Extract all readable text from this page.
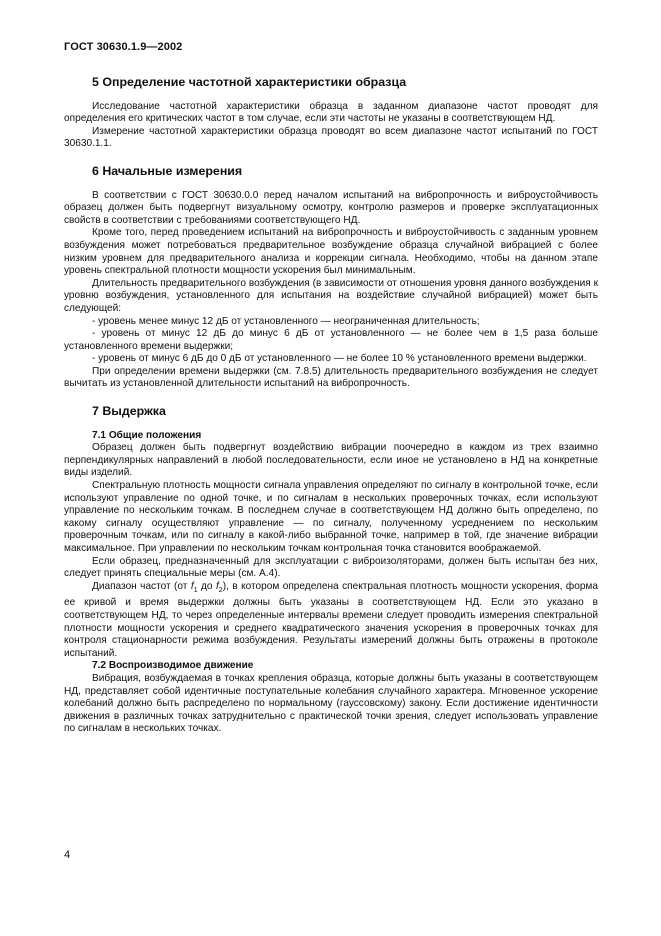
ГОСТ 30630.1.9—2002
5 Определение частотной характеристики образца

Исследование частотной характеристики образца в заданном диапазоне частот проводят для определения его критических частот в том случае, если эти частоты не указаны в соответствующем НД.

Измерение частотной характеристики образца проводят во всем диапазоне частот испытаний по ГОСТ 30630.1.1.

6 Начальные измерения

В соответствии с ГОСТ 30630.0.0 перед началом испытаний на вибропрочность и виброустойчивость образец должен быть подвергнут визуальному осмотру, контролю размеров и проверке эксплуатационных свойств в соответствии с требованиями соответствующего НД.

Кроме того, перед проведением испытаний на вибропрочность и виброустойчивость с заданным уровнем возбуждения может потребоваться предварительное возбуждение образца случайной вибрацией с более низким уровнем для предварительного анализа и коррекции сигнала. Необходимо, чтобы на данном этапе уровень спектральной плотности мощности ускорения был минимальным.

Длительность предварительного возбуждения (в зависимости от отношения уровня данного возбуждения к уровню возбуждения, установленного для испытания на воздействие случайной вибрацией) может быть следующей:

- уровень менее минус 12 дБ от установленного — неограниченная длительность;

- уровень от минус 12 дБ до минус 6 дБ от установленного — не более чем в 1,5 раза больше установленного времени выдержки;

- уровень от минус 6 дБ до 0 дБ от установленного — не более 10 % установленного времени выдержки.

При определении времени выдержки (см. 7.8.5) длительность предварительного возбуждения не следует вычитать из установленной длительности испытаний на вибропрочность.

7 Выдержка
7.1 Общие положения

Образец должен быть подвергнут воздействию вибрации поочередно в каждом из трех взаимно перпендикулярных направлений в любой последовательности, если иное не установлено в НД на конкретные виды изделий.

Спектральную плотность мощности сигнала управления определяют по сигналу в контрольной точке, если используют управление по одной точке, и по сигналам в нескольких проверочных точках, если используют управление по нескольким точкам. В последнем случае в соответствующем НД должно быть определено, по какому сигналу осуществляют управление — по сигналу, полученному усреднением по нескольким проверочным точкам, или по сигналу в какой-либо выбранной точке, например в той, где значение вибрации максимальное. При управлении по нескольким точкам контрольная точка становится воображаемой.

Если образец, предназначенный для эксплуатации с виброизоляторами, должен быть испытан без них, следует принять специальные меры (см. А.4).

Диапазон частот (от $f_1$ до $f_2$), в котором определена спектральная плотность мощности ускорения, форма ее кривой и время выдержки должны быть указаны в соответствующем НД. Если это указано в соответствующем НД, то через определенные интервалы времени следует проводить измерения спектральной плотности мощности ускорения и среднего квадратического значения ускорения в проверочных точках для контроля стационарности режима возбуждения. Результаты измерений должны быть отражены в протоколе испытаний.

7.2 Воспроизводимое движение

Вибрация, возбуждаемая в точках крепления образца, которые должны быть указаны в соответствующем НД, представляет собой идентичные поступательные колебания случайного характера. Мгновенное ускорение колебаний должно быть распределено по нормальному (гауссовскому) закону. Если достижение идентичности движения в различных точках затруднительно с практической точки зрения, следует использовать управление по сигналам в нескольких точках.

4
